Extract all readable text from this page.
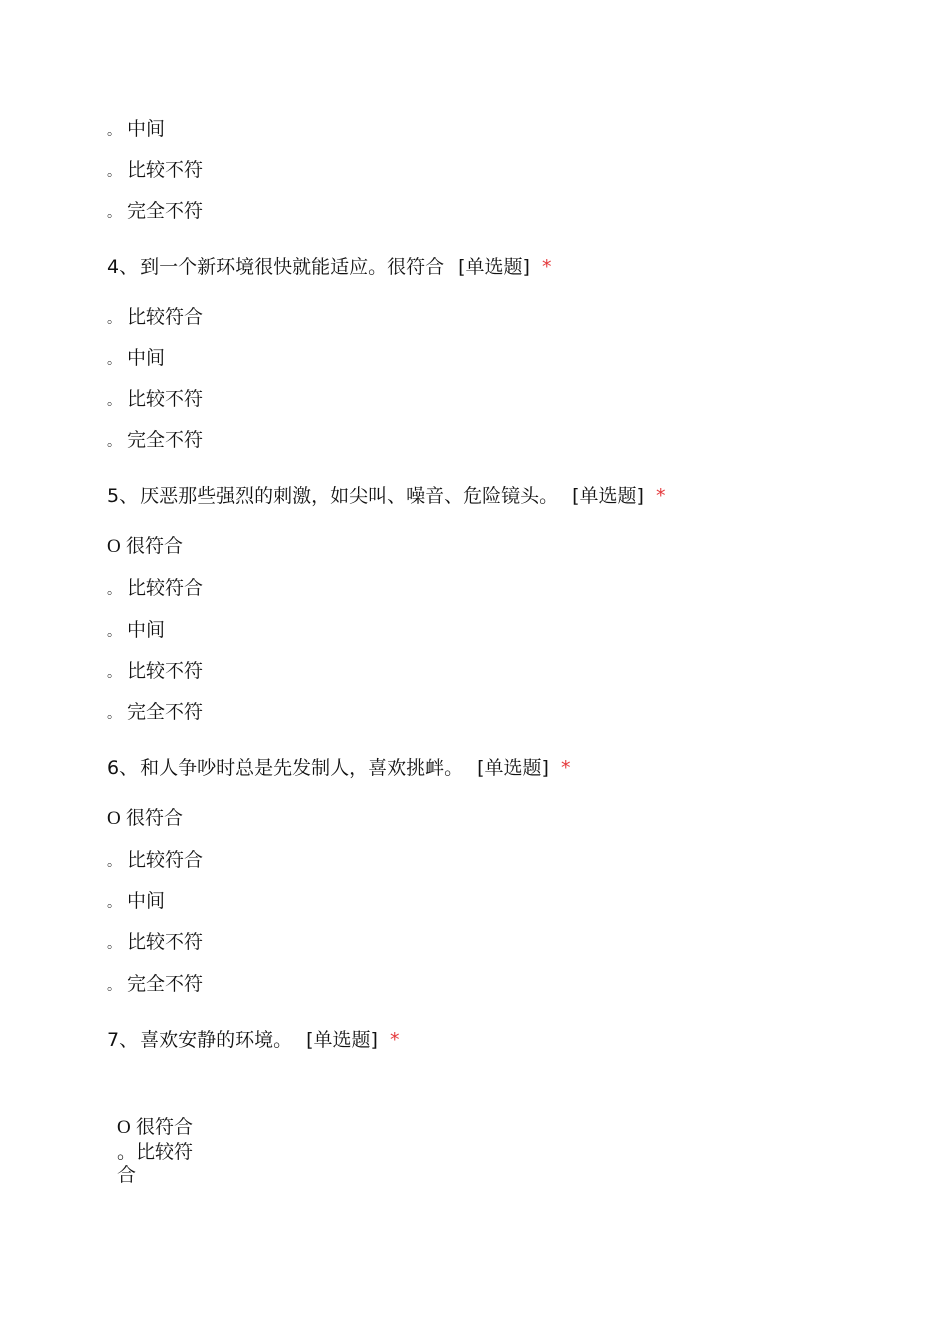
。 中间
。 比较不符
。 完全不符
4、 到一个新环境很快就能适应。很符合 [单选题] *
。 比较符合
。 中间
。 比较不符
。 完全不符
5、 厌恶那些强烈的刺激，如尖叫、噪音、危险镜头。 [单选题] *
O 很符合
。 比较符合
。 中间
。 比较不符
。 完全不符
6、 和人争吵时总是先发制人，喜欢挑衅。 [单选题] *
O 很符合
。 比较符合
。 中间
。 比较不符
。 完全不符
7、 喜欢安静的环境。 [单选题] *
O 很符合
。比较符
合
